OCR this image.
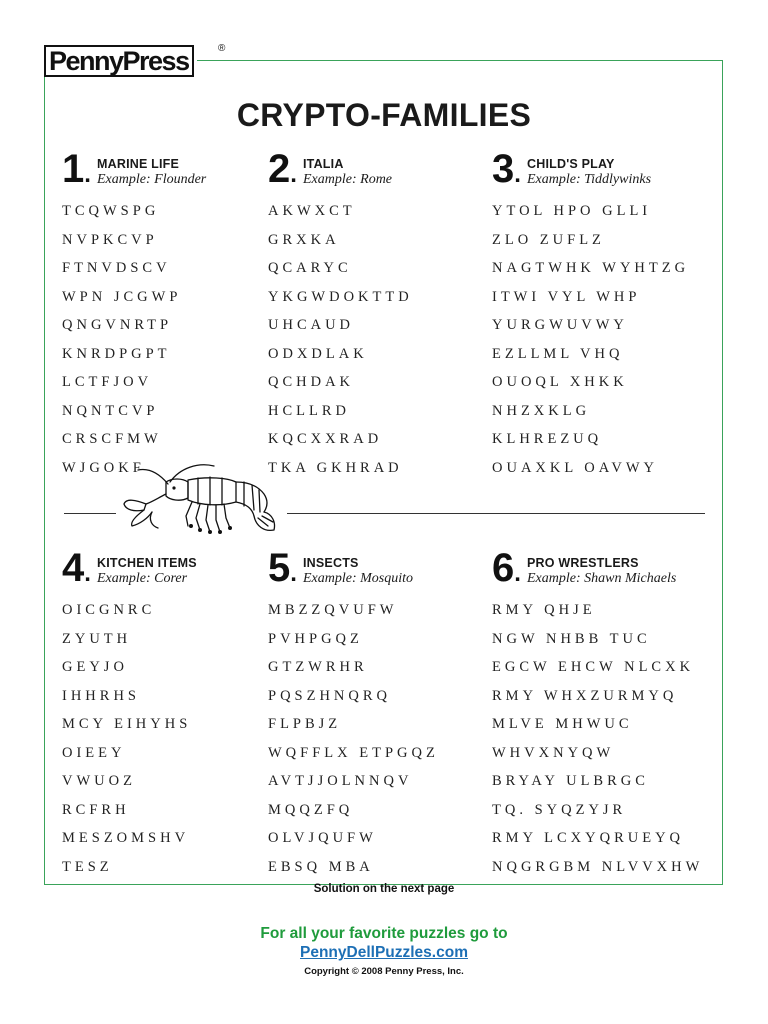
PennyPress	®
CRYPTO-FAMILIES
1. MARINE LIFE
Example: Flounder
TCQWSPG
NVPKCVP
FTNVDSCV
WPN JCGWP
QNGVNRTP
KNRDPGPT
LCTFJOV
NQNTCVP
CRSCFMW
WJGOKF
2. ITALIA
Example: Rome
AKWXCT
GRXKA
QCARYC
YKGWDOKTTD
UHCAUD
ODXDLAK
QCHDAK
HCLLRD
KQCXXRAD
TKA GKHRAD
3. CHILD'S PLAY
Example: Tiddlywinks
YTOL HPO GLLI
ZLO ZUFLZ
NAGTWHK WYHTZG
ITWI VYL WHP
YURGWUVWY
EZLLML VHQ
OUOQL XHKK
NHZXKLG
KLHREZUQ
OUAXKL OAVWY
4. KITCHEN ITEMS
Example: Corer
OICGNRC
ZYUTH
GEYJO
IHHRHS
MCY EIHYHS
OIEEY
VWUOZ
RCFRH
MESZOMSHV
TESZ
5. INSECTS
Example: Mosquito
MBZZQVUFW
PVHPGQZ
GTZWRHR
PQSZHNQRQ
FLPBJZ
WQFFLX ETPGQZ
AVTJJOLNNQV
MQQZFQ
OLVJQUFW
EBSQ MBA
6. PRO WRESTLERS
Example: Shawn Michaels
RMY QHJE
NGW NHBB TUC
EGCW EHCW NLCXK
RMY WHXZURMYQ
MLVE MHWUC
WHVXNYQW
BRYAY ULBRGC
TQ. SYQZYJR
RMY LCXYQRUEYQ
NQGRGBM NLVVXHW
Solution on the next page
For all your favorite puzzles go to
PennyDellPuzzles.com
Copyright © 2008 Penny Press, Inc.
